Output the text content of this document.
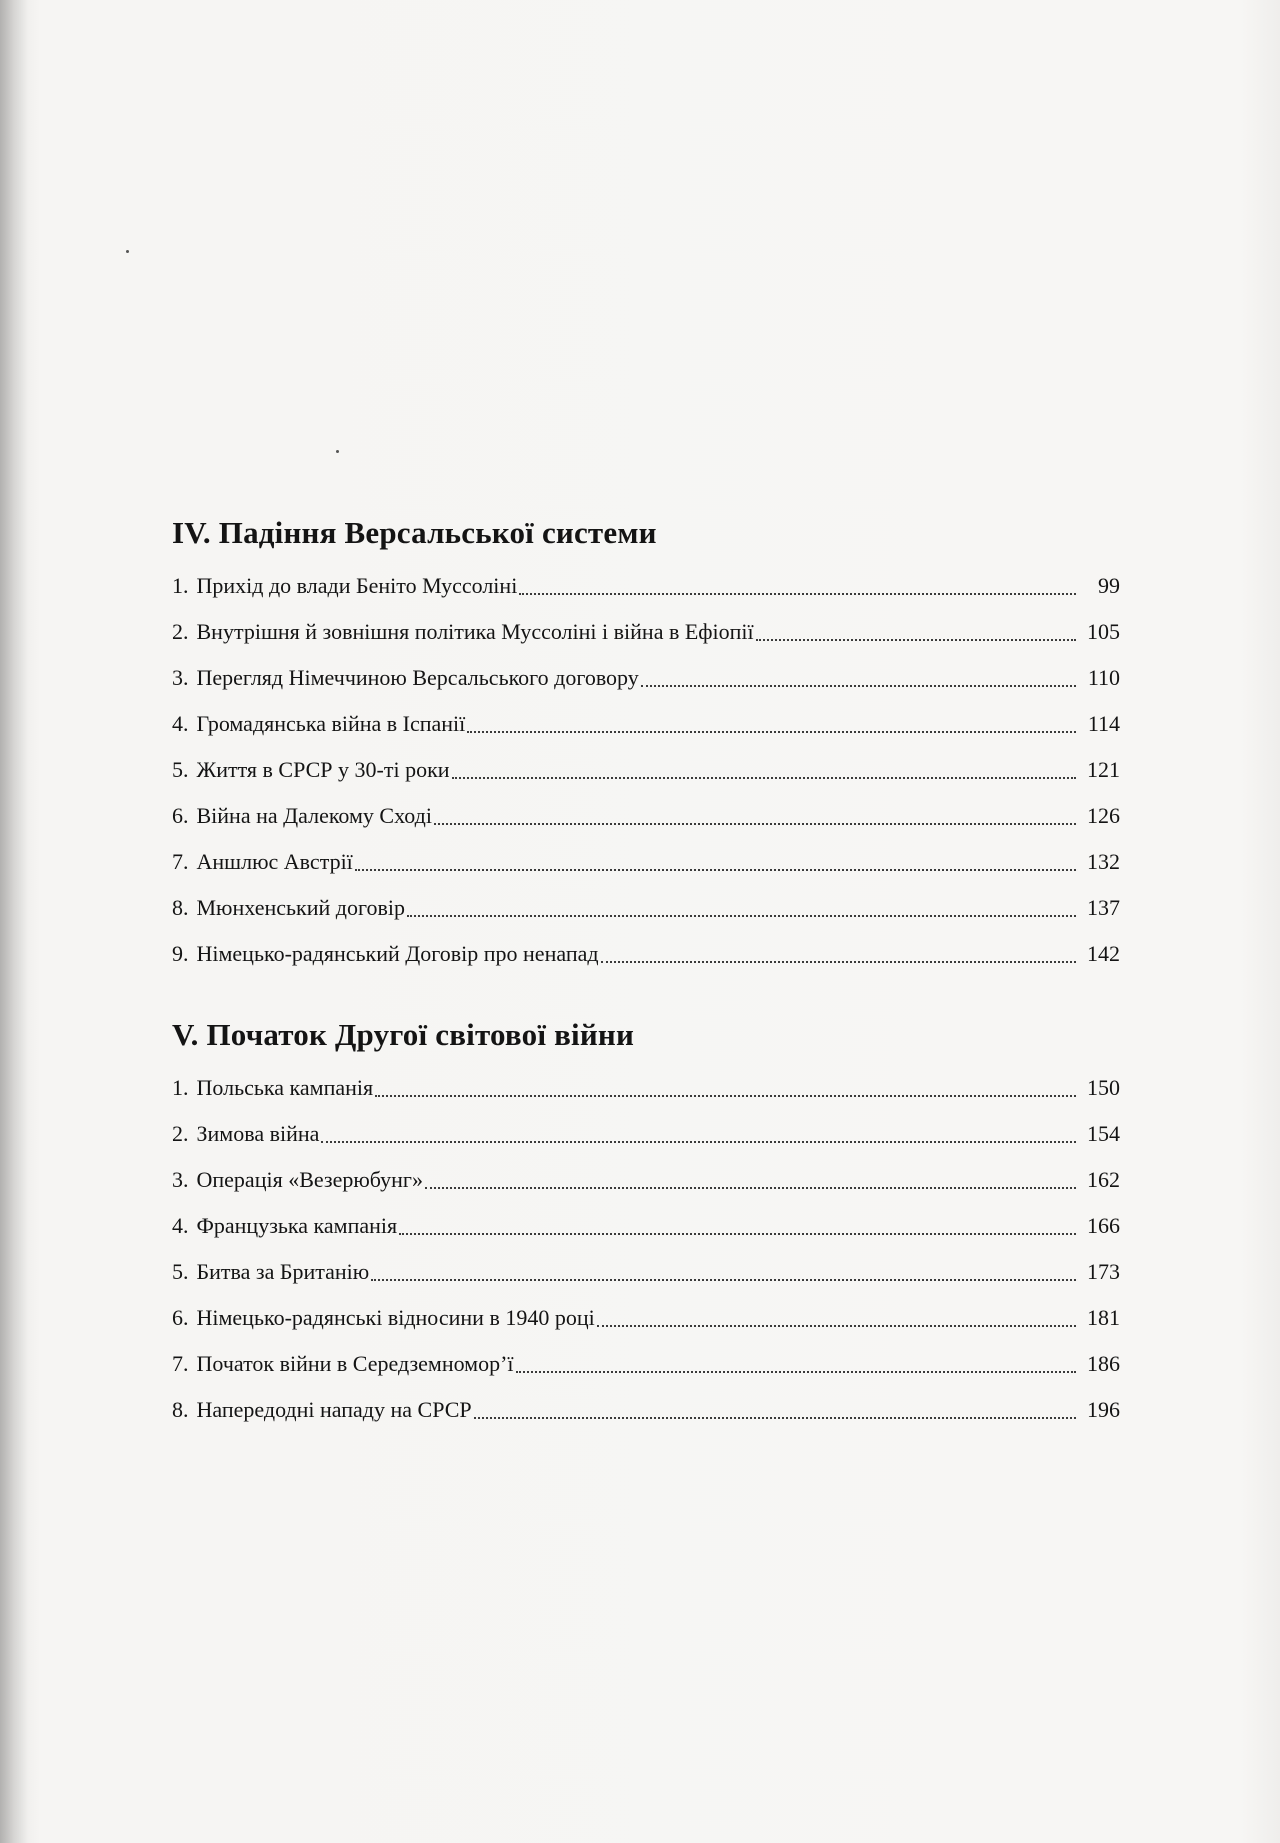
IV. Падіння Версальської системи
1. Прихід до влади Беніто Муссоліні	99
2. Внутрішня й зовнішня політика Муссоліні і війна в Ефіопії	105
3. Перегляд Німеччиною Версальського договору	110
4. Громадянська війна в Іспанії	114
5. Життя в СРСР у 30-ті роки	121
6. Війна на Далекому Сході	126
7. Аншлюс Австрії	132
8. Мюнхенський договір	137
9. Німецько-радянський Договір про ненапад	142
V. Початок Другої світової війни
1. Польська кампанія	150
2. Зимова війна	154
3. Операція «Везерюбунг»	162
4. Французька кампанія	166
5. Битва за Британію	173
6. Німецько-радянські відносини в 1940 році	181
7. Початок війни в Середземномор’ї	186
8. Напередодні нападу на СРСР	196
